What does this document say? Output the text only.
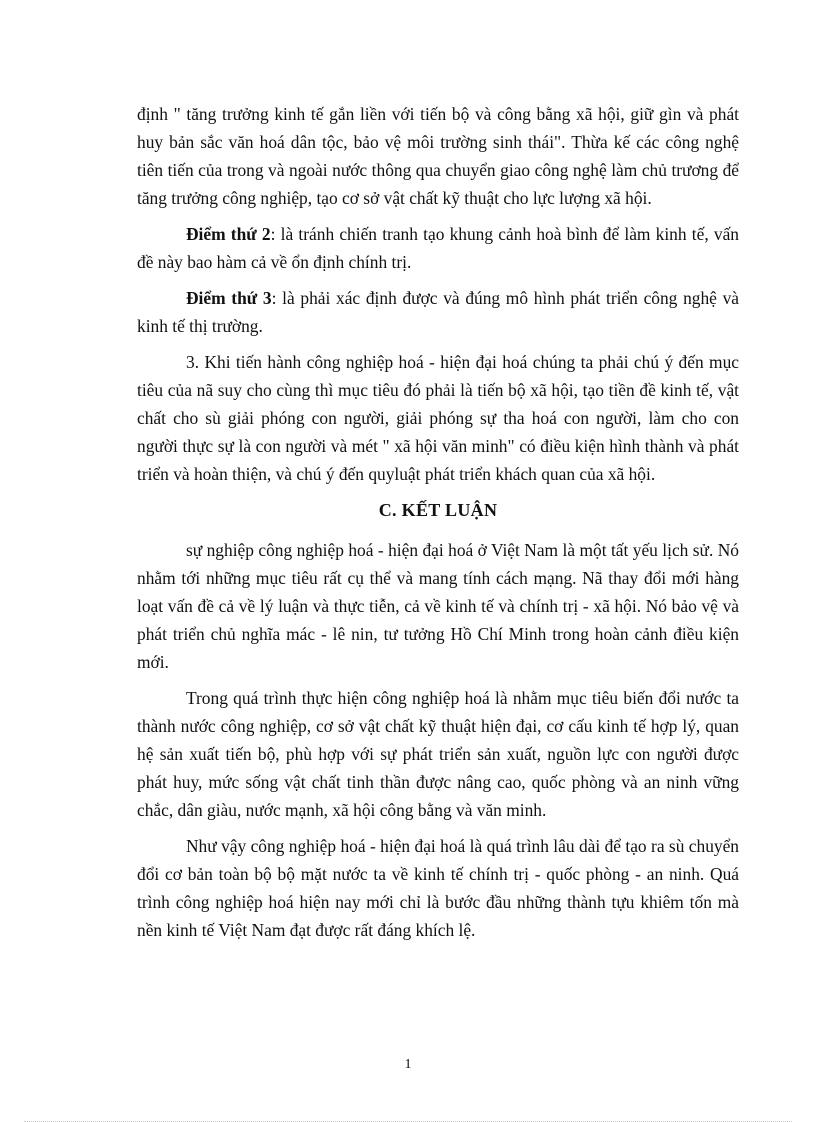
định " tăng trưởng kinh tế gắn liền với tiến bộ và công bằng xã hội, giữ gìn và phát huy bản sắc văn hoá dân tộc, bảo vệ môi trường sinh thái". Thừa kế các công nghệ tiên tiến của trong và ngoài nước thông qua chuyển giao công nghệ làm chủ trương để tăng trưởng công nghiệp, tạo cơ sở vật chất kỹ thuật cho lực lượng xã hội.

Điểm thứ 2: là tránh chiến tranh tạo khung cảnh hoà bình để làm kinh tế, vấn đề này bao hàm cả về ổn định chính trị.

Điểm thứ 3: là phải xác định được và đúng mô hình phát triển công nghệ và kinh tế thị trường.

3. Khi tiến hành công nghiệp hoá - hiện đại hoá chúng ta phải chú ý đến mục tiêu của nã suy cho cùng thì mục tiêu đó phải là tiến bộ xã hội, tạo tiền đề kinh tế, vật chất cho sù giải phóng con người, giải phóng sự tha hoá con người, làm cho con người thực sự là con người và mét " xã hội văn minh" có điều kiện hình thành và phát triển và hoàn thiện, và chú ý đến quyluật phát triển khách quan của xã hội.

C. KẾT LUẬN

sự nghiệp công nghiệp hoá - hiện đại hoá ở Việt Nam là một tất yếu lịch sử. Nó nhằm tới những mục tiêu rất cụ thể và mang tính cách mạng. Nã thay đổi mới hàng loạt vấn đề cả về lý luận và thực tiễn, cả về kinh tế và chính trị - xã hội. Nó bảo vệ và phát triển chủ nghĩa mác - lê nin, tư tưởng Hồ Chí Minh trong hoàn cảnh điều kiện mới.

Trong quá trình thực hiện công nghiệp hoá là nhằm mục tiêu biến đổi nước ta thành nước công nghiệp, cơ sở vật chất kỹ thuật hiện đại, cơ cấu kinh tế hợp lý, quan hệ sản xuất tiến bộ, phù hợp với sự phát triển sản xuất, nguồn lực con người được phát huy, mức sống vật chất tinh thần được nâng cao, quốc phòng và an ninh vững chắc, dân giàu, nước mạnh, xã hội công bằng và văn minh.

Như vậy công nghiệp hoá - hiện đại hoá là quá trình lâu dài để tạo ra sù chuyển đổi cơ bản toàn bộ bộ mặt nước ta về kinh tế chính trị - quốc phòng - an ninh. Quá trình công nghiệp hoá hiện nay mới chỉ là bước đầu những thành tựu khiêm tốn mà nền kinh tế Việt Nam đạt được rất đáng khích lệ.

1
